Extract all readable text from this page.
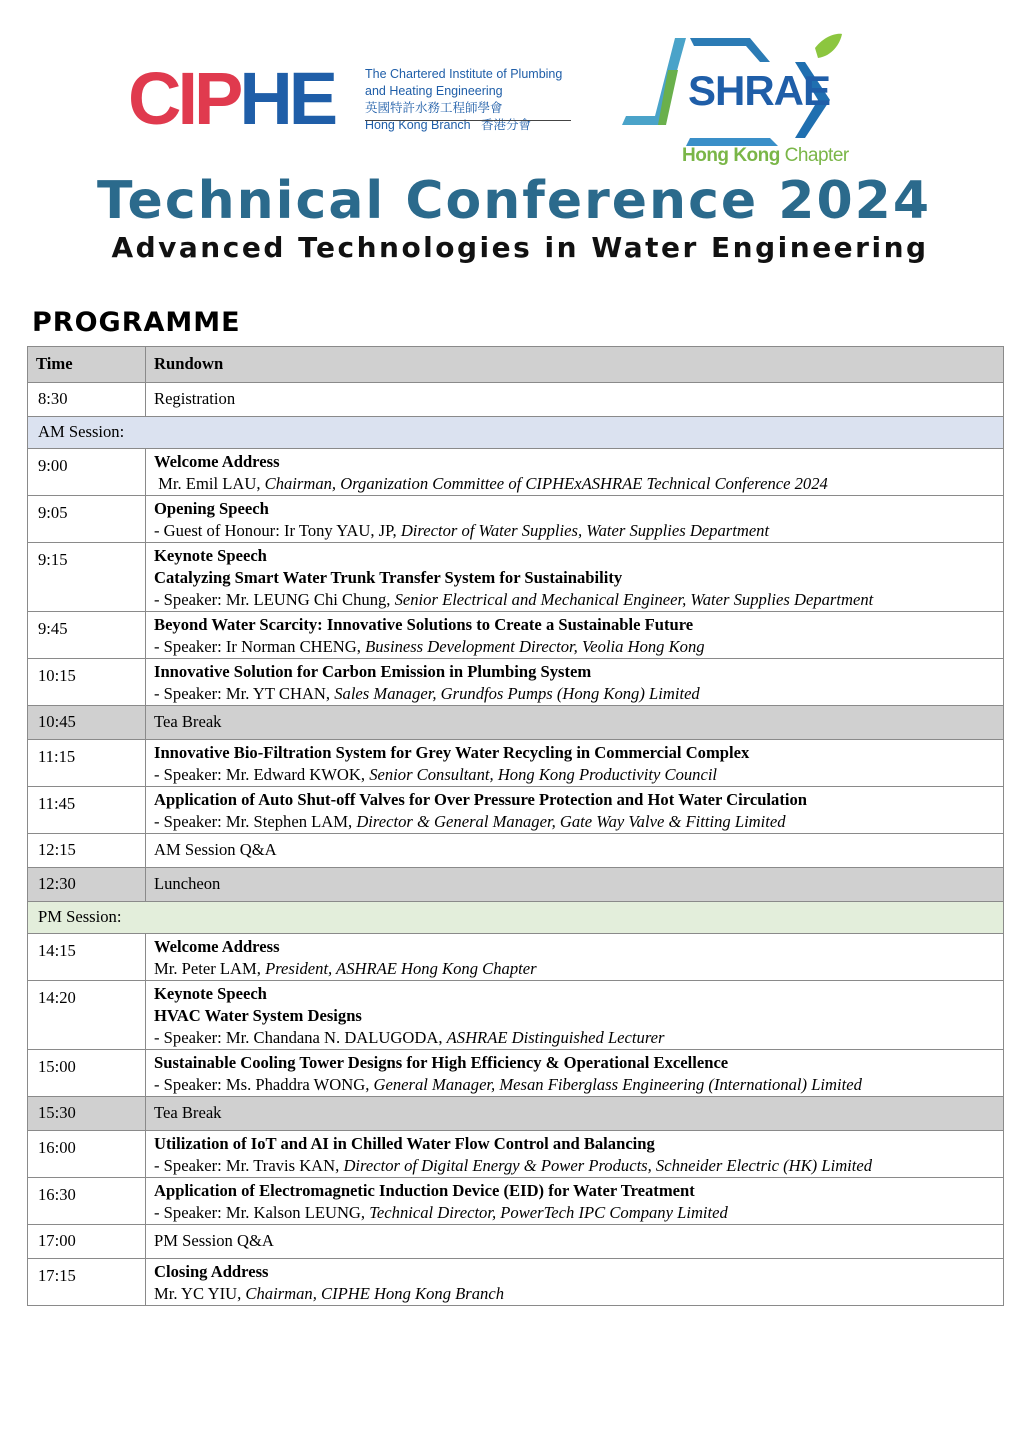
CIPHE The Chartered Institute of Plumbing
and Heating Engineering
英國特許水務工程師學會
Hong Kong Branch   香港分會
SHRAE
Hong Kong Chapter
Technical Conference 2024
Advanced Technologies in Water Engineering
PROGRAMME
Time	Rundown
8:30	Registration
AM Session:	
9:00	Welcome Address
Mr. Emil LAU, Chairman, Organization Committee of CIPHExASHRAE Technical Conference 2024

9:05	Opening Speech
- Guest of Honour: Ir Tony YAU, JP, Director of Water Supplies, Water Supplies Department

9:15	Keynote Speech
Catalyzing Smart Water Trunk Transfer System for Sustainability
- Speaker: Mr. LEUNG Chi Chung, Senior Electrical and Mechanical Engineer, Water Supplies Department

9:45	Beyond Water Scarcity: Innovative Solutions to Create a Sustainable Future
- Speaker: Ir Norman CHENG, Business Development Director, Veolia Hong Kong

10:15	Innovative Solution for Carbon Emission in Plumbing System
- Speaker: Mr. YT CHAN, Sales Manager, Grundfos Pumps (Hong Kong) Limited

10:45	Tea Break
11:15	Innovative Bio-Filtration System for Grey Water Recycling in Commercial Complex
- Speaker: Mr. Edward KWOK, Senior Consultant, Hong Kong Productivity Council

11:45	Application of Auto Shut-off Valves for Over Pressure Protection and Hot Water Circulation
- Speaker: Mr. Stephen LAM, Director & General Manager, Gate Way Valve & Fitting Limited

12:15	AM Session Q&A
12:30	Luncheon
PM Session:	
14:15	Welcome Address
Mr. Peter LAM, President, ASHRAE Hong Kong Chapter

14:20	Keynote Speech
HVAC Water System Designs
- Speaker: Mr. Chandana N. DALUGODA, ASHRAE Distinguished Lecturer

15:00	Sustainable Cooling Tower Designs for High Efficiency & Operational Excellence
- Speaker: Ms. Phaddra WONG, General Manager, Mesan Fiberglass Engineering (International) Limited

15:30	Tea Break
16:00	Utilization of IoT and AI in Chilled Water Flow Control and Balancing
- Speaker: Mr. Travis KAN, Director of Digital Energy & Power Products, Schneider Electric (HK) Limited

16:30	Application of Electromagnetic Induction Device (EID) for Water Treatment
- Speaker: Mr. Kalson LEUNG, Technical Director, PowerTech IPC Company Limited

17:00	PM Session Q&A
17:15	Closing Address
Mr. YC YIU, Chairman, CIPHE Hong Kong Branch
